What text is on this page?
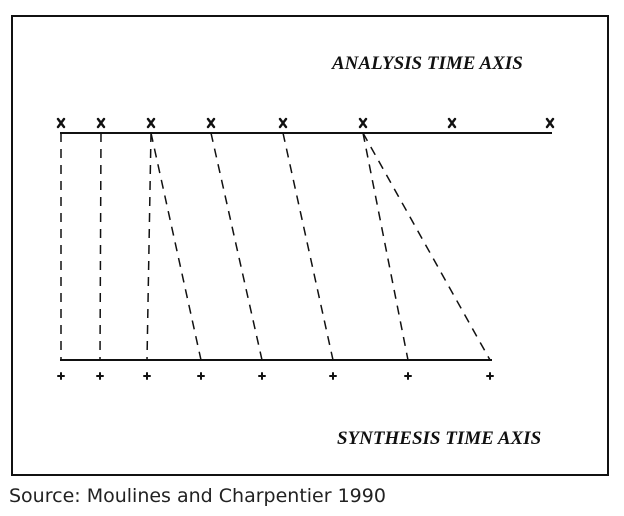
ANALYSIS TIME AXIS
SYNTHESIS TIME AXIS
Source: Moulines and Charpentier 1990
